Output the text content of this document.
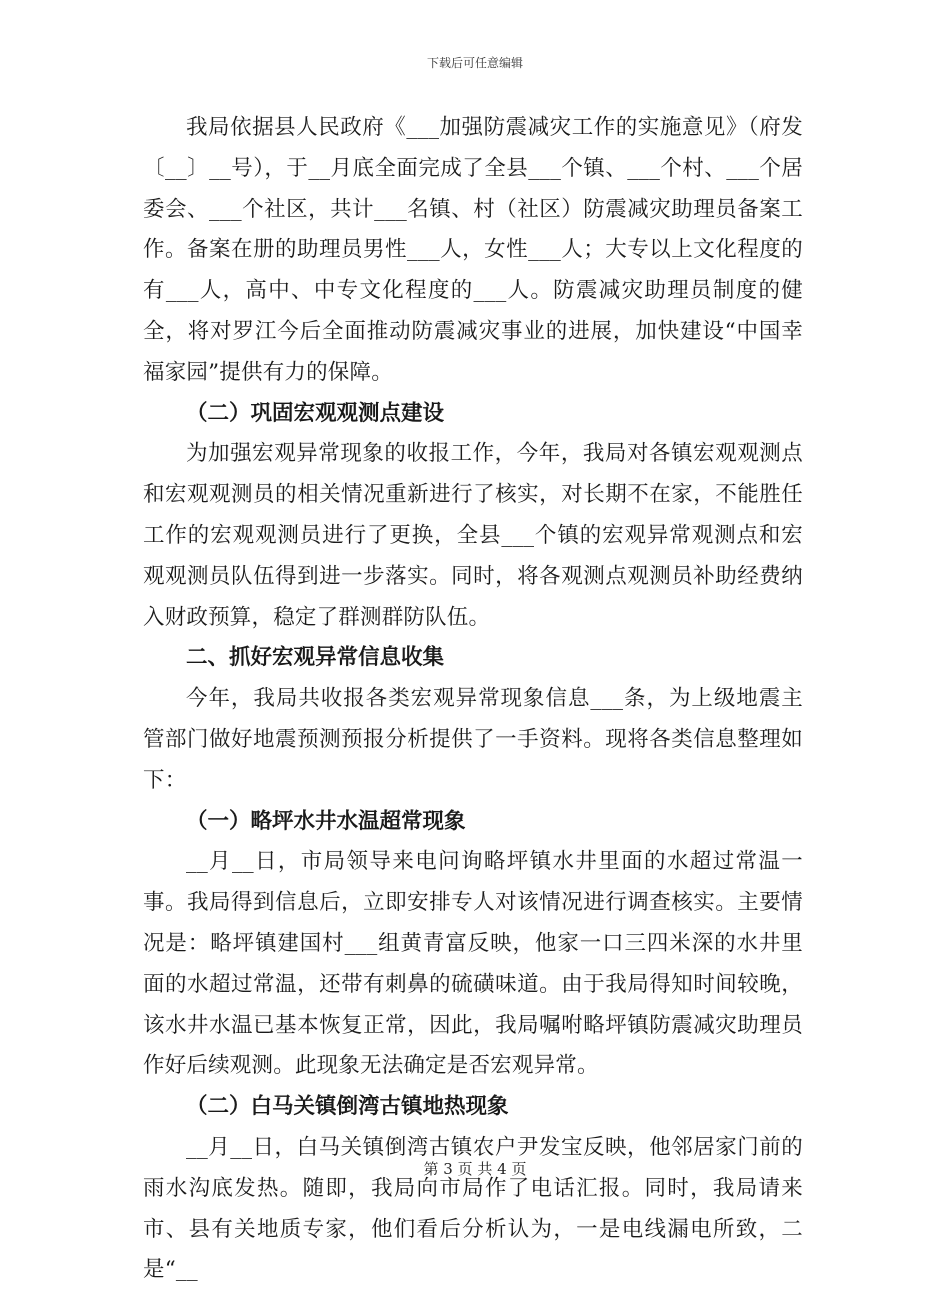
下载后可任意编辑

我局依据县人民政府《___加强防震减灾工作的实施意见》（府发〔__〕__号），于__月底全面完成了全县___个镇、___个村、___个居委会、___个社区，共计___名镇、村（社区）防震减灾助理员备案工作。备案在册的助理员男性___人，女性___人；大专以上文化程度的有___人，高中、中专文化程度的___人。防震减灾助理员制度的健全，将对罗江今后全面推动防震减灾事业的进展，加快建设“中国幸福家园”提供有力的保障。

（二）巩固宏观观测点建设

为加强宏观异常现象的收报工作，今年，我局对各镇宏观观测点和宏观观测员的相关情况重新进行了核实，对长期不在家，不能胜任工作的宏观观测员进行了更换，全县___个镇的宏观异常观测点和宏观观测员队伍得到进一步落实。同时，将各观测点观测员补助经费纳入财政预算，稳定了群测群防队伍。

二、抓好宏观异常信息收集

今年，我局共收报各类宏观异常现象信息___条，为上级地震主管部门做好地震预测预报分析提供了一手资料。现将各类信息整理如下：

（一）略坪水井水温超常现象

__月__日，市局领导来电问询略坪镇水井里面的水超过常温一事。我局得到信息后，立即安排专人对该情况进行调查核实。主要情况是：略坪镇建国村___组黄青富反映，他家一口三四米深的水井里面的水超过常温，还带有刺鼻的硫磺味道。由于我局得知时间较晚，该水井水温已基本恢复正常，因此，我局嘱咐略坪镇防震减灾助理员作好后续观测。此现象无法确定是否宏观异常。

（二）白马关镇倒湾古镇地热现象

__月__日，白马关镇倒湾古镇农户尹发宝反映，他邻居家门前的雨水沟底发热。随即，我局向市局作了电话汇报。同时，我局请来市、县有关地质专家，他们看后分析认为，一是电线漏电所致，二是“__

第 3 页 共 4 页
